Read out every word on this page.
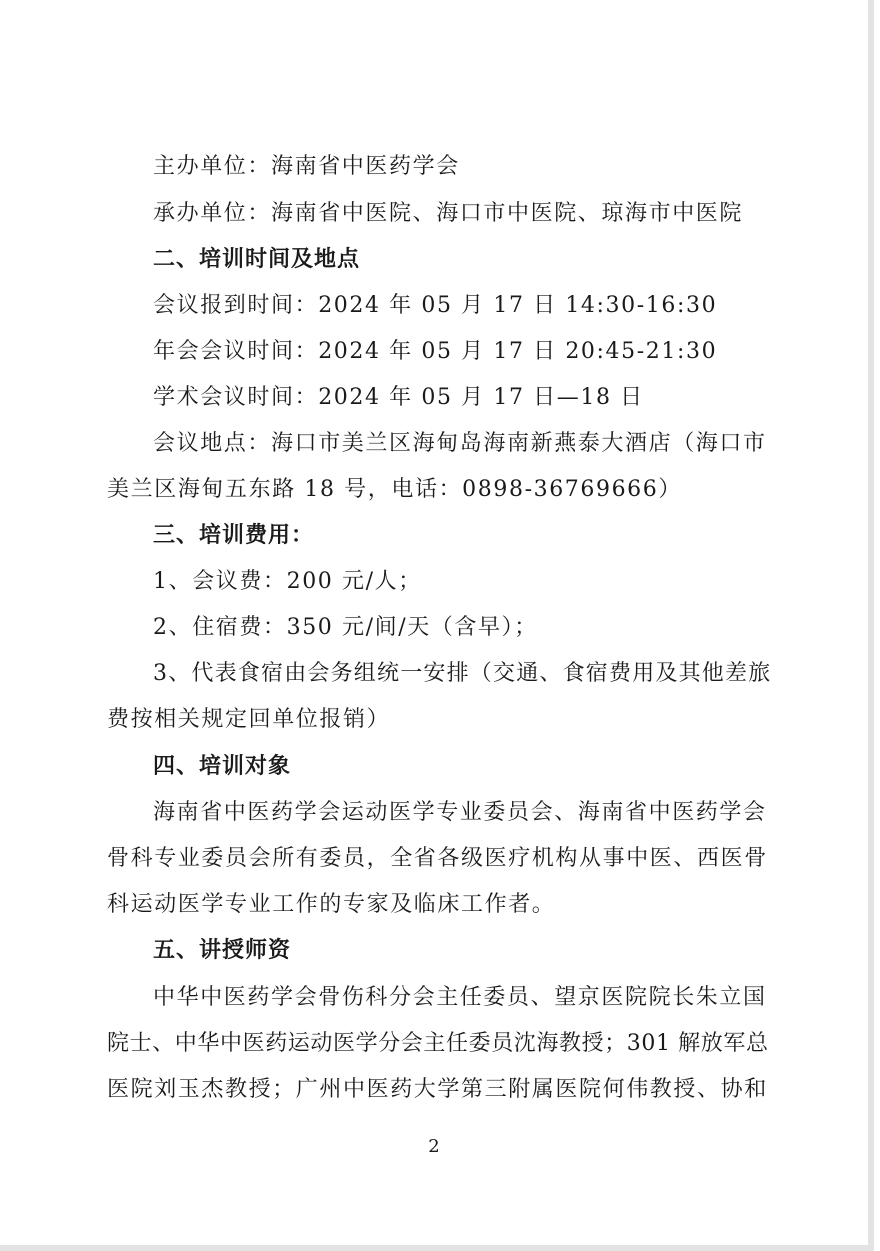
主办单位：海南省中医药学会
承办单位：海南省中医院、海口市中医院、琼海市中医院
二、培训时间及地点
会议报到时间：2024 年 05 月 17 日 14:30-16:30
年会会议时间：2024 年 05 月 17 日 20:45-21:30
学术会议时间：2024 年 05 月 17 日—18 日
会议地点：海口市美兰区海甸岛海南新燕泰大酒店（海口市
美兰区海甸五东路 18 号，电话：0898-36769666）
三、培训费用：
1、会议费：200 元/人；
2、住宿费：350 元/间/天（含早）；
3、代表食宿由会务组统一安排（交通、食宿费用及其他差旅
费按相关规定回单位报销）
四、培训对象
海南省中医药学会运动医学专业委员会、海南省中医药学会
骨科专业委员会所有委员，全省各级医疗机构从事中医、西医骨
科运动医学专业工作的专家及临床工作者。
五、讲授师资
中华中医药学会骨伤科分会主任委员、望京医院院长朱立国
院士、中华中医药运动医学分会主任委员沈海教授；301 解放军总
医院刘玉杰教授；广州中医药大学第三附属医院何伟教授、协和
2
